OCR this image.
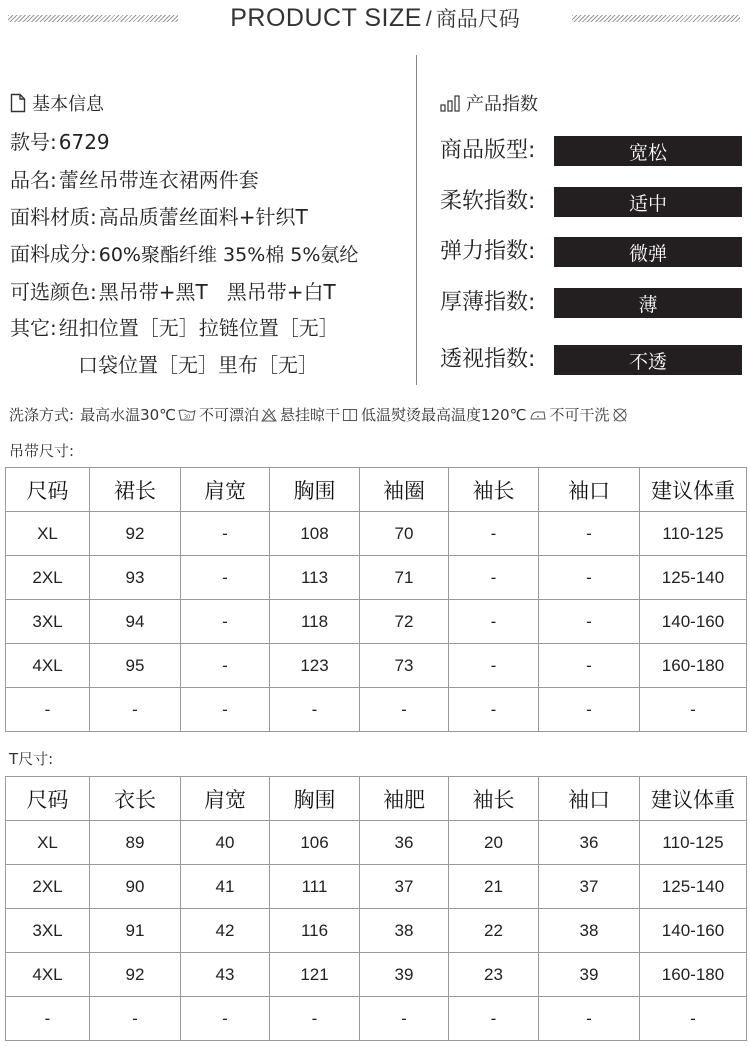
PRODUCT SIZE / 商品尺码
基本信息
款号: 6729
品名: 蕾丝吊带连衣裙两件套
面料材质: 高品质蕾丝面料+针织T
面料成分: 60%聚酯纤维 35%棉 5%氨纶
可选颜色: 黑吊带+黑T   黑吊带+白T
其它: 纽扣位置［无］拉链位置［无］
口袋位置［无］里布［无］
产品指数
商品版型:	宽松
柔软指数:	适中
弹力指数:	微弹
厚薄指数:	薄
透视指数:	不透
洗涤方式: 最高水温30℃ 30 不可漂泊 悬挂晾干 低温熨烫最高温度120℃ 不可干洗
吊带尺寸:
尺码	裙长	肩宽	胸围	袖圈	袖长	袖口	建议体重
XL	92	-	108	70	-	-	110-125
2XL	93	-	113	71	-	-	125-140
3XL	94	-	118	72	-	-	140-160
4XL	95	-	123	73	-	-	160-180
-	-	-	-	-	-	-	-
T尺寸:
尺码	衣长	肩宽	胸围	袖肥	袖长	袖口	建议体重
XL	89	40	106	36	20	36	110-125
2XL	90	41	111	37	21	37	125-140
3XL	91	42	116	38	22	38	140-160
4XL	92	43	121	39	23	39	160-180
-	-	-	-	-	-	-	-
